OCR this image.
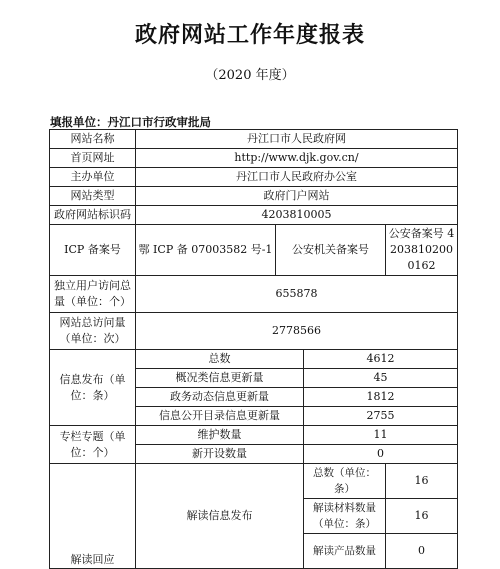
政府网站工作年度报表
（2020 年度）
填报单位：丹江口市行政审批局
网站名称	丹江口市人民政府网			
首页网址	http://www.djk.gov.cn/			
主办单位	丹江口市人民政府办公室			
网站类型	政府门户网站			
政府网站标识码	4203810005			
ICP 备案号	鄂 ICP 备 07003582 号-1	公安机关备案号		公安备案号 42038102000162
独立用户访问总量（单位：个）	655878			
网站总访问量（单位：次）	2778566			
信息发布（单位：条）	总数		4612	
	概况类信息更新量		45	
	政务动态信息更新量		1812	
	信息公开目录信息更新量		2755	
专栏专题（单位：个）	维护数量		11	
	新开设数量		0	
解读回应	解读信息发布		总数（单位：条）	16
			解读材料数量（单位：条）	16
			解读产品数量	0
